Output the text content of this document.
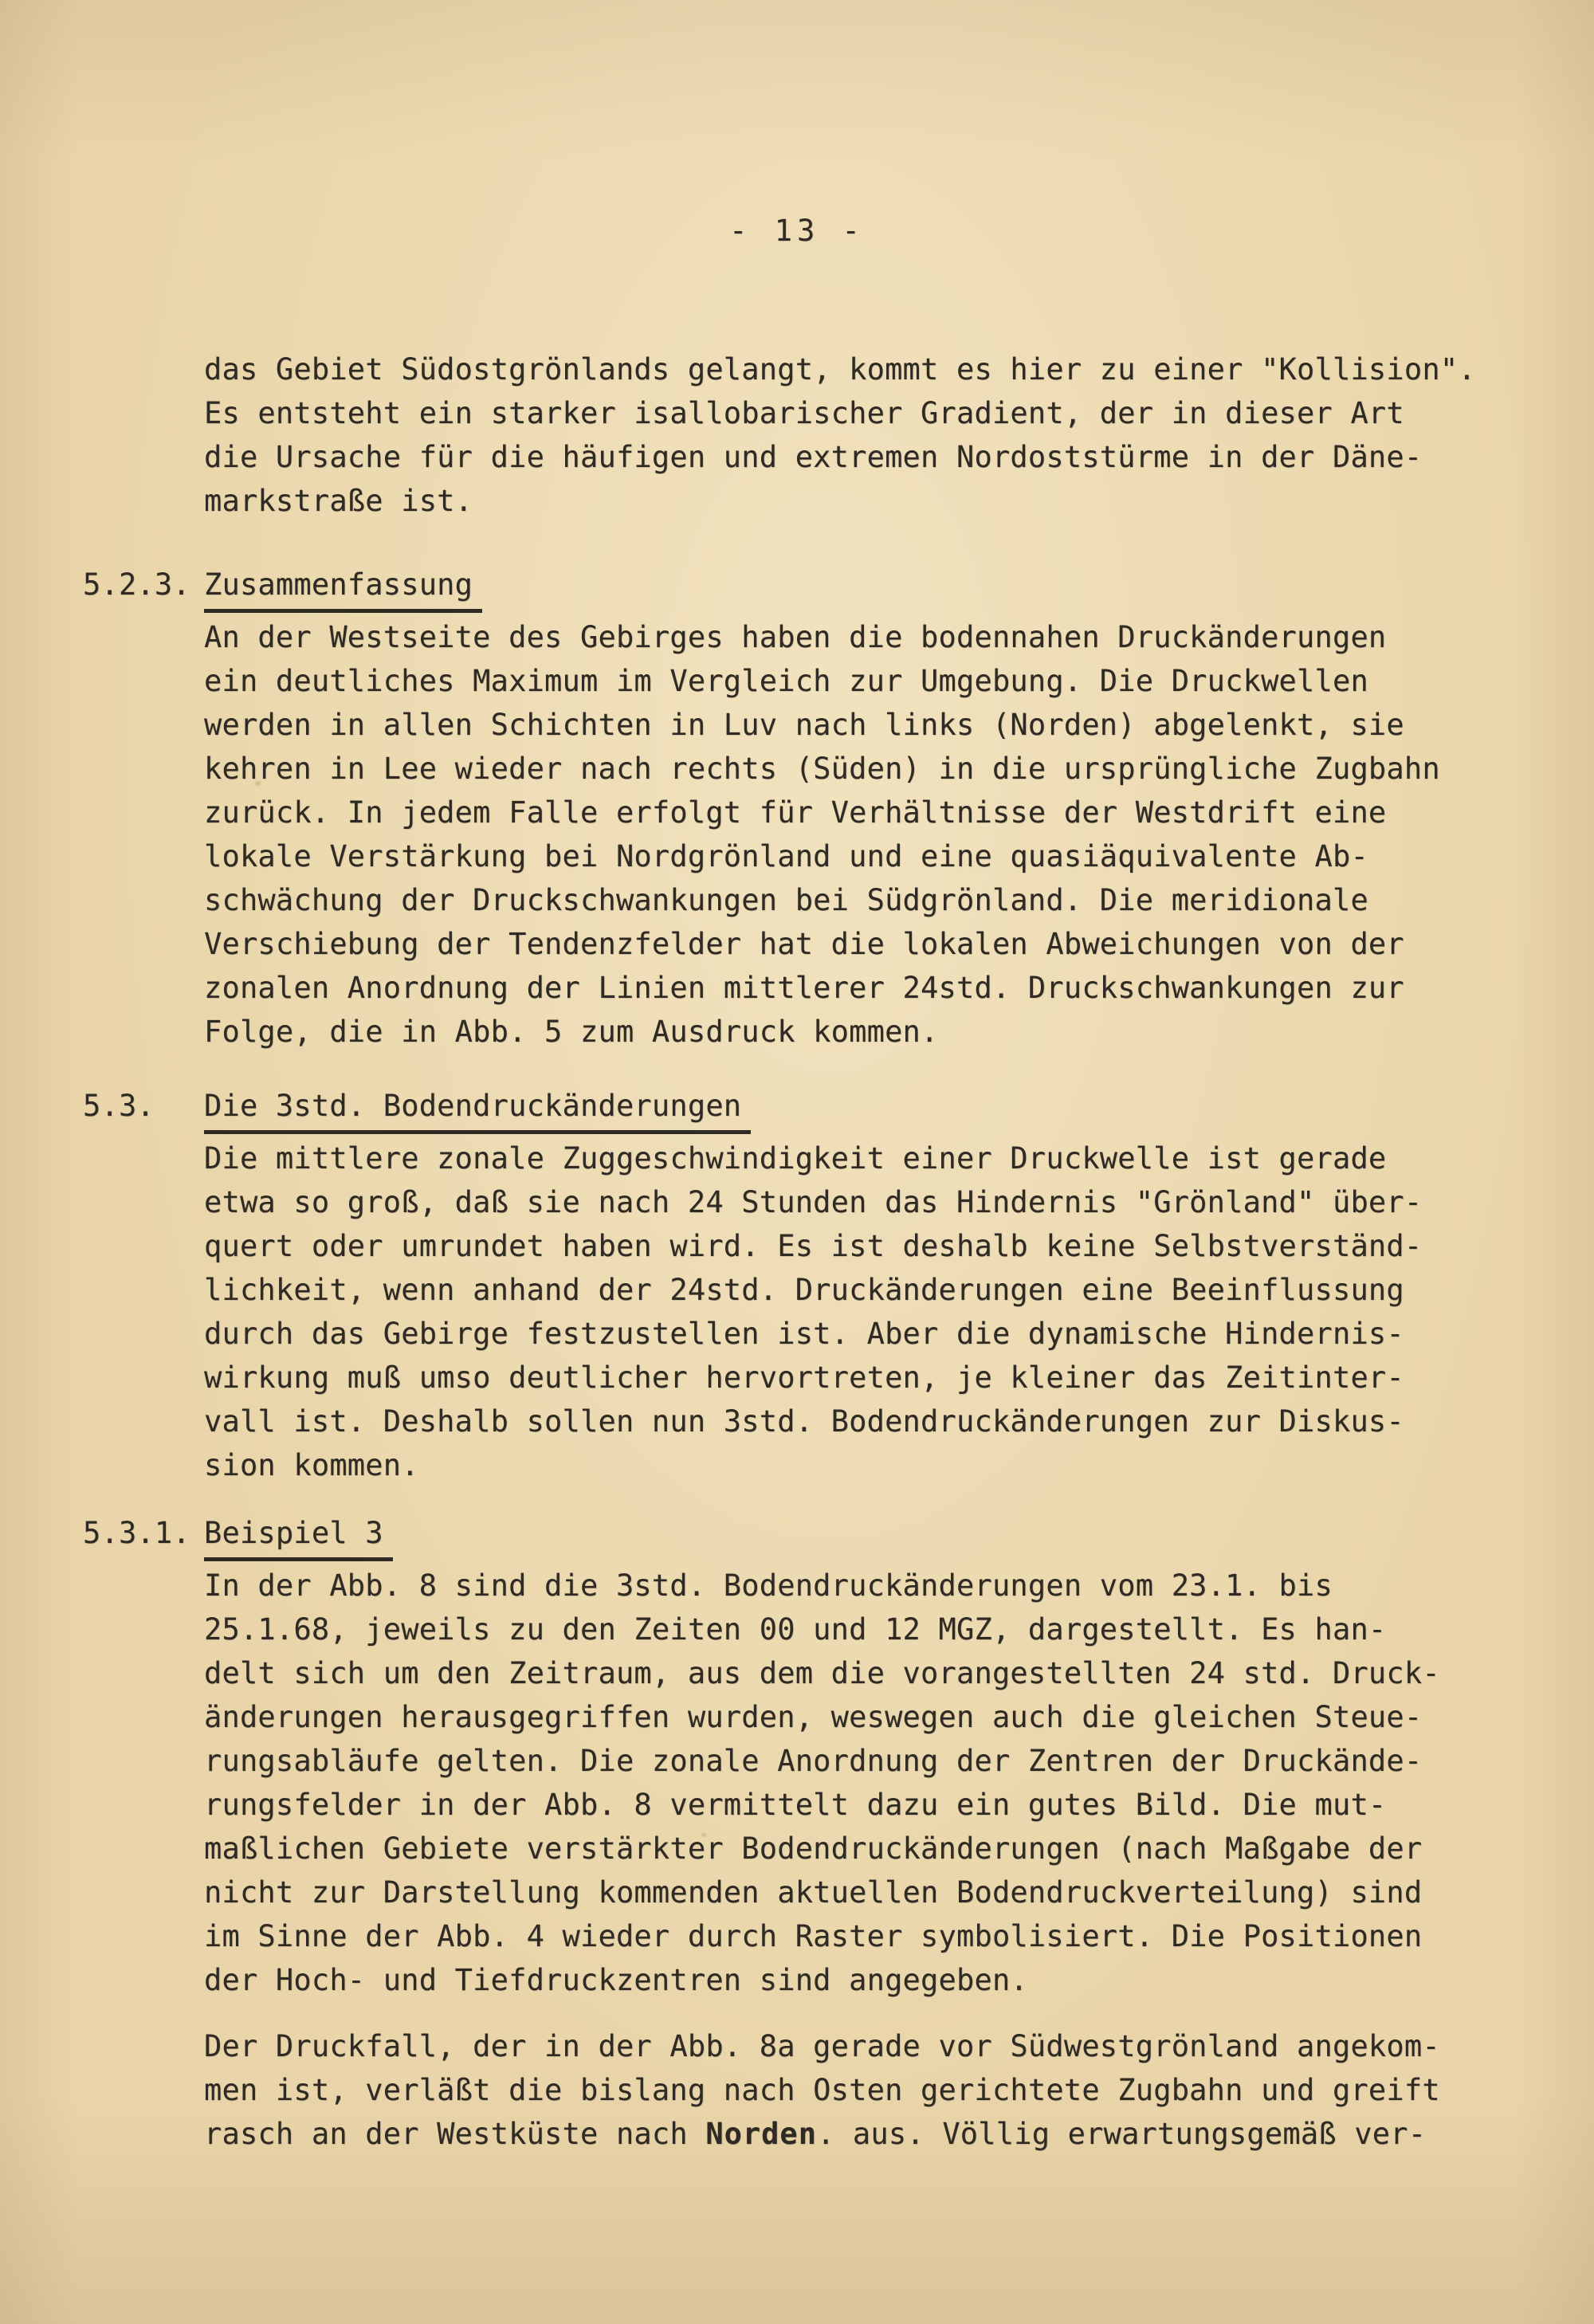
- 13 -
das Gebiet Südostgrönlands gelangt, kommt es hier zu einer "Kollision".
Es entsteht ein starker isallobarischer Gradient, der in dieser Art
die Ursache für die häufigen und extremen Nordoststürme in der Däne-
markstraße ist.
5.2.3. Zusammenfassung
An der Westseite des Gebirges haben die bodennahen Druckänderungen
ein deutliches Maximum im Vergleich zur Umgebung. Die Druckwellen
werden in allen Schichten in Luv nach links (Norden) abgelenkt, sie
kehren in Lee wieder nach rechts (Süden) in die ursprüngliche Zugbahn
zurück. In jedem Falle erfolgt für Verhältnisse der Westdrift eine
lokale Verstärkung bei Nordgrönland und eine quasiäquivalente Ab-
schwächung der Druckschwankungen bei Südgrönland. Die meridionale
Verschiebung der Tendenzfelder hat die lokalen Abweichungen von der
zonalen Anordnung der Linien mittlerer 24std. Druckschwankungen zur
Folge, die in Abb. 5 zum Ausdruck kommen.
5.3. Die 3std. Bodendruckänderungen
Die mittlere zonale Zuggeschwindigkeit einer Druckwelle ist gerade
etwa so groß, daß sie nach 24 Stunden das Hindernis "Grönland" über-
quert oder umrundet haben wird. Es ist deshalb keine Selbstverständ-
lichkeit, wenn anhand der 24std. Druckänderungen eine Beeinflussung
durch das Gebirge festzustellen ist. Aber die dynamische Hindernis-
wirkung muß umso deutlicher hervortreten, je kleiner das Zeitinter-
vall ist. Deshalb sollen nun 3std. Bodendruckänderungen zur Diskus-
sion kommen.
5.3.1. Beispiel 3
In der Abb. 8 sind die 3std. Bodendruckänderungen vom 23.1. bis
25.1.68, jeweils zu den Zeiten 00 und 12 MGZ, dargestellt. Es han-
delt sich um den Zeitraum, aus dem die vorangestellten 24 std. Druck-
änderungen herausgegriffen wurden, weswegen auch die gleichen Steue-
rungsabläufe gelten. Die zonale Anordnung der Zentren der Druckände-
rungsfelder in der Abb. 8 vermittelt dazu ein gutes Bild. Die mut-
maßlichen Gebiete verstärkter Bodendruckänderungen (nach Maßgabe der
nicht zur Darstellung kommenden aktuellen Bodendruckverteilung) sind
im Sinne der Abb. 4 wieder durch Raster symbolisiert. Die Positionen
der Hoch- und Tiefdruckzentren sind angegeben.
Der Druckfall, der in der Abb. 8a gerade vor Südwestgrönland angekom-
men ist, verläßt die bislang nach Osten gerichtete Zugbahn und greift
rasch an der Westküste nach Norden. aus. Völlig erwartungsgemäß ver-
